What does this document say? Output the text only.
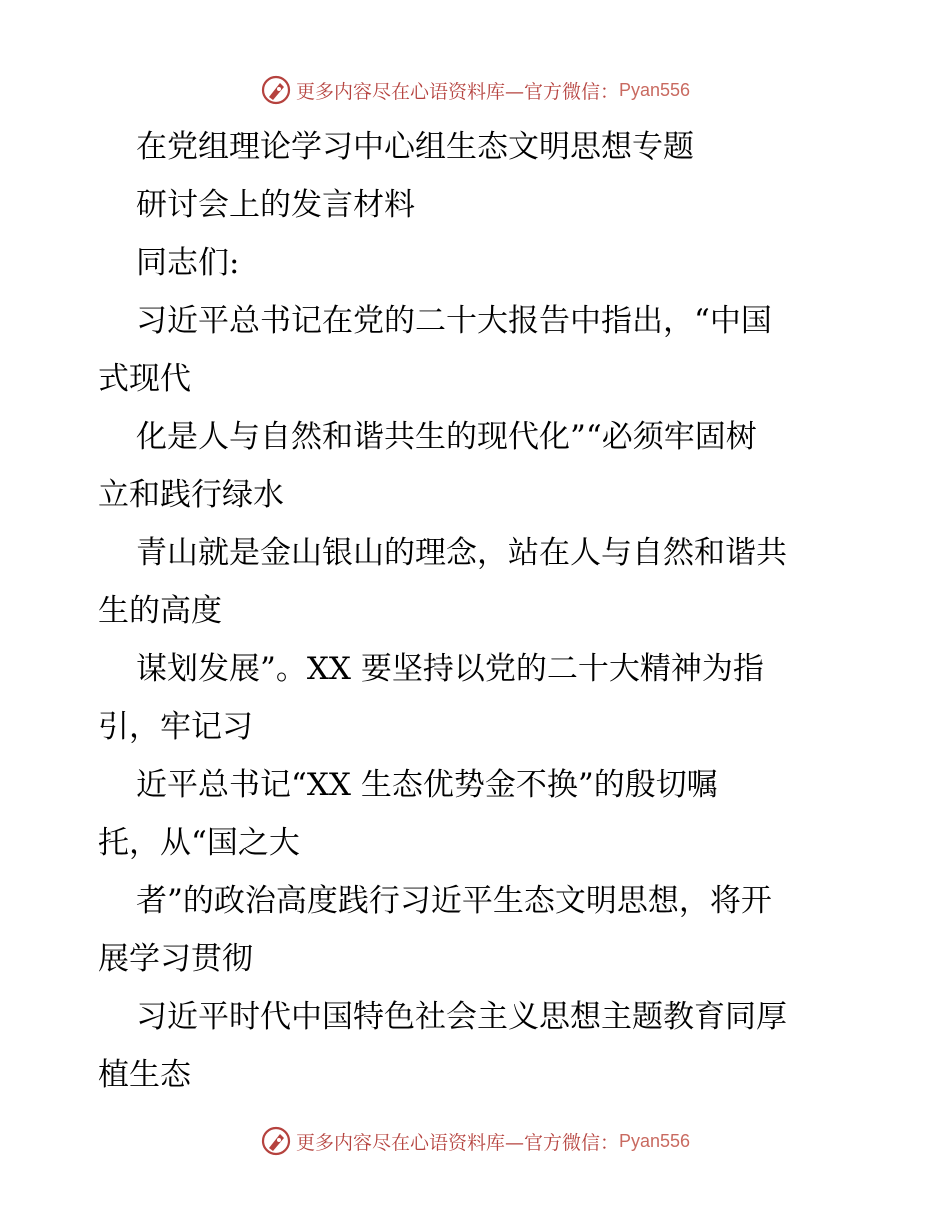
更多内容尽在心语资料库—官方微信： Pyan556
在党组理论学习中心组生态文明思想专题
研讨会上的发言材料
同志们:
习近平总书记在党的二十大报告中指出，“中国
式现代
化是人与自然和谐共生的现代化”“必须牢固树
立和践行绿水
青山就是金山银山的理念，站在人与自然和谐共
生的高度
谋划发展”。XX 要坚持以党的二十大精神为指
引，牢记习
近平总书记“XX 生态优势金不换”的殷切嘱
托，从“国之大
者”的政治高度践行习近平生态文明思想，将开
展学习贯彻
习近平时代中国特色社会主义思想主题教育同厚
植生态
更多内容尽在心语资料库—官方微信： Pyan556
